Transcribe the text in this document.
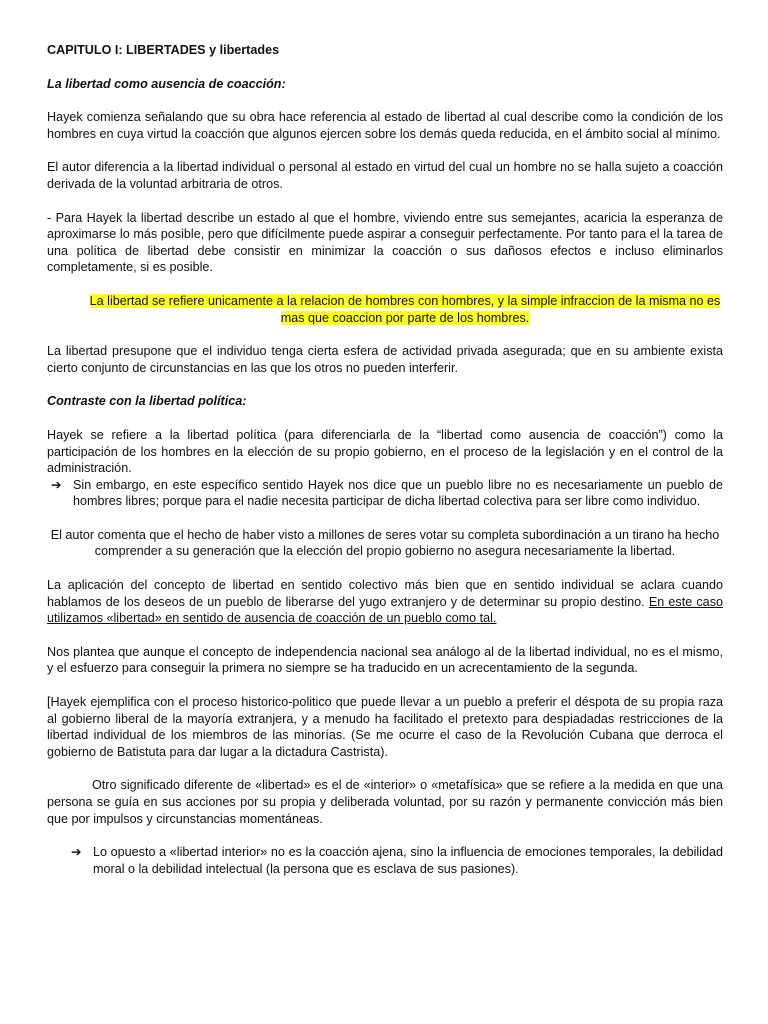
CAPITULO I: LIBERTADES y libertades

La libertad como ausencia de coacción:

Hayek comienza señalando que su obra hace referencia al estado de libertad al cual describe como la condición de los hombres en cuya virtud la coacción que algunos ejercen sobre los demás queda reducida, en el ámbito social al mínimo.

El autor diferencia a la libertad individual o personal al estado en virtud del cual un hombre no se halla sujeto a coacción derivada de la voluntad arbitraria de otros.

- Para Hayek la libertad describe un estado al que el hombre, viviendo entre sus semejantes, acaricia la esperanza de aproximarse lo más posible, pero que difícilmente puede aspirar a conseguir perfectamente. Por tanto para el la tarea de una política de libertad debe consistir en minimizar la coacción o sus dañosos efectos e incluso eliminarlos completamente, si es posible.

La libertad se refiere unicamente a la relacion de hombres con hombres, y la simple infraccion de la misma no es mas que coaccion por parte de los hombres.

La libertad presupone que el individuo tenga cierta esfera de actividad privada asegurada; que en su ambiente exista cierto conjunto de circunstancias en las que los otros no pueden interferir.

Contraste con la libertad política:

Hayek se refiere a la libertad política (para diferenciarla de la “libertad como ausencia de coacción”) como la participación de los hombres en la elección de su propio gobierno, en el proceso de la legislación y en el control de la administración.

➔ Sin embargo, en este específico sentido Hayek nos dice que un pueblo libre no es necesariamente un pueblo de hombres libres; porque para el nadie necesita participar de dicha libertad colectiva para ser libre como individuo.

El autor comenta que el hecho de haber visto a millones de seres votar su completa subordinación a un tirano ha hecho comprender a su generación que la elección del propio gobierno no asegura necesariamente la libertad.

La aplicación del concepto de libertad en sentido colectivo más bien que en sentido individual se aclara cuando hablamos de los deseos de un pueblo de liberarse del yugo extranjero y de determinar su propio destino. En este caso utilizamos «libertad» en sentido de ausencia de coacción de un pueblo como tal.

Nos plantea que aunque el concepto de independencia nacional sea análogo al de la libertad individual, no es el mismo, y el esfuerzo para conseguir la primera no siempre se ha traducido en un acrecentamiento de la segunda.

[Hayek ejemplifica con el proceso historico-politico que puede llevar a un pueblo a preferir el déspota de su propia raza al gobierno liberal de la mayoría extranjera, y a menudo ha facilitado el pretexto para despiadadas restricciones de la libertad individual de los miembros de las minorías. (Se me ocurre el caso de la Revolución Cubana que derroca el gobierno de Batistuta para dar lugar a la dictadura Castrista).

Otro significado diferente de «libertad» es el de «interior» o «metafísica» que se refiere a la medida en que una persona se guía en sus acciones por su propia y deliberada voluntad, por su razón y permanente convicción más bien que por impulsos y circunstancias momentáneas.

➔ Lo opuesto a «libertad interior» no es la coacción ajena, sino la influencia de emociones temporales, la debilidad moral o la debilidad intelectual (la persona que es esclava de sus pasiones).
